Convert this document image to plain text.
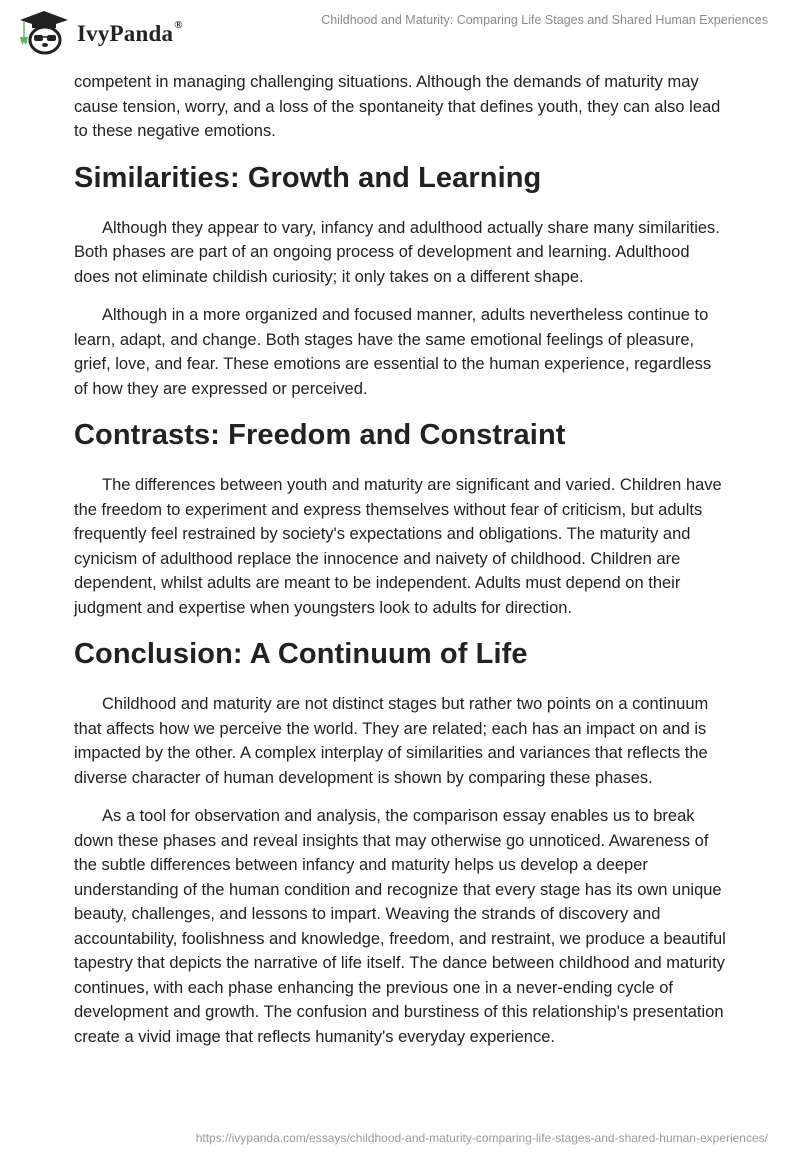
IvyPanda®	Childhood and Maturity: Comparing Life Stages and Shared Human Experiences

competent in managing challenging situations. Although the demands of maturity may cause tension, worry, and a loss of the spontaneity that defines youth, they can also lead to these negative emotions.

Similarities: Growth and Learning

Although they appear to vary, infancy and adulthood actually share many similarities. Both phases are part of an ongoing process of development and learning. Adulthood does not eliminate childish curiosity; it only takes on a different shape.

Although in a more organized and focused manner, adults nevertheless continue to learn, adapt, and change. Both stages have the same emotional feelings of pleasure, grief, love, and fear. These emotions are essential to the human experience, regardless of how they are expressed or perceived.

Contrasts: Freedom and Constraint

The differences between youth and maturity are significant and varied. Children have the freedom to experiment and express themselves without fear of criticism, but adults frequently feel restrained by society's expectations and obligations. The maturity and cynicism of adulthood replace the innocence and naivety of childhood. Children are dependent, whilst adults are meant to be independent. Adults must depend on their judgment and expertise when youngsters look to adults for direction.

Conclusion: A Continuum of Life

Childhood and maturity are not distinct stages but rather two points on a continuum that affects how we perceive the world. They are related; each has an impact on and is impacted by the other. A complex interplay of similarities and variances that reflects the diverse character of human development is shown by comparing these phases.

As a tool for observation and analysis, the comparison essay enables us to break down these phases and reveal insights that may otherwise go unnoticed. Awareness of the subtle differences between infancy and maturity helps us develop a deeper understanding of the human condition and recognize that every stage has its own unique beauty, challenges, and lessons to impart. Weaving the strands of discovery and accountability, foolishness and knowledge, freedom, and restraint, we produce a beautiful tapestry that depicts the narrative of life itself. The dance between childhood and maturity continues, with each phase enhancing the previous one in a never-ending cycle of development and growth. The confusion and burstiness of this relationship's presentation create a vivid image that reflects humanity's everyday experience.

https://ivypanda.com/essays/childhood-and-maturity-comparing-life-stages-and-shared-human-experiences/
